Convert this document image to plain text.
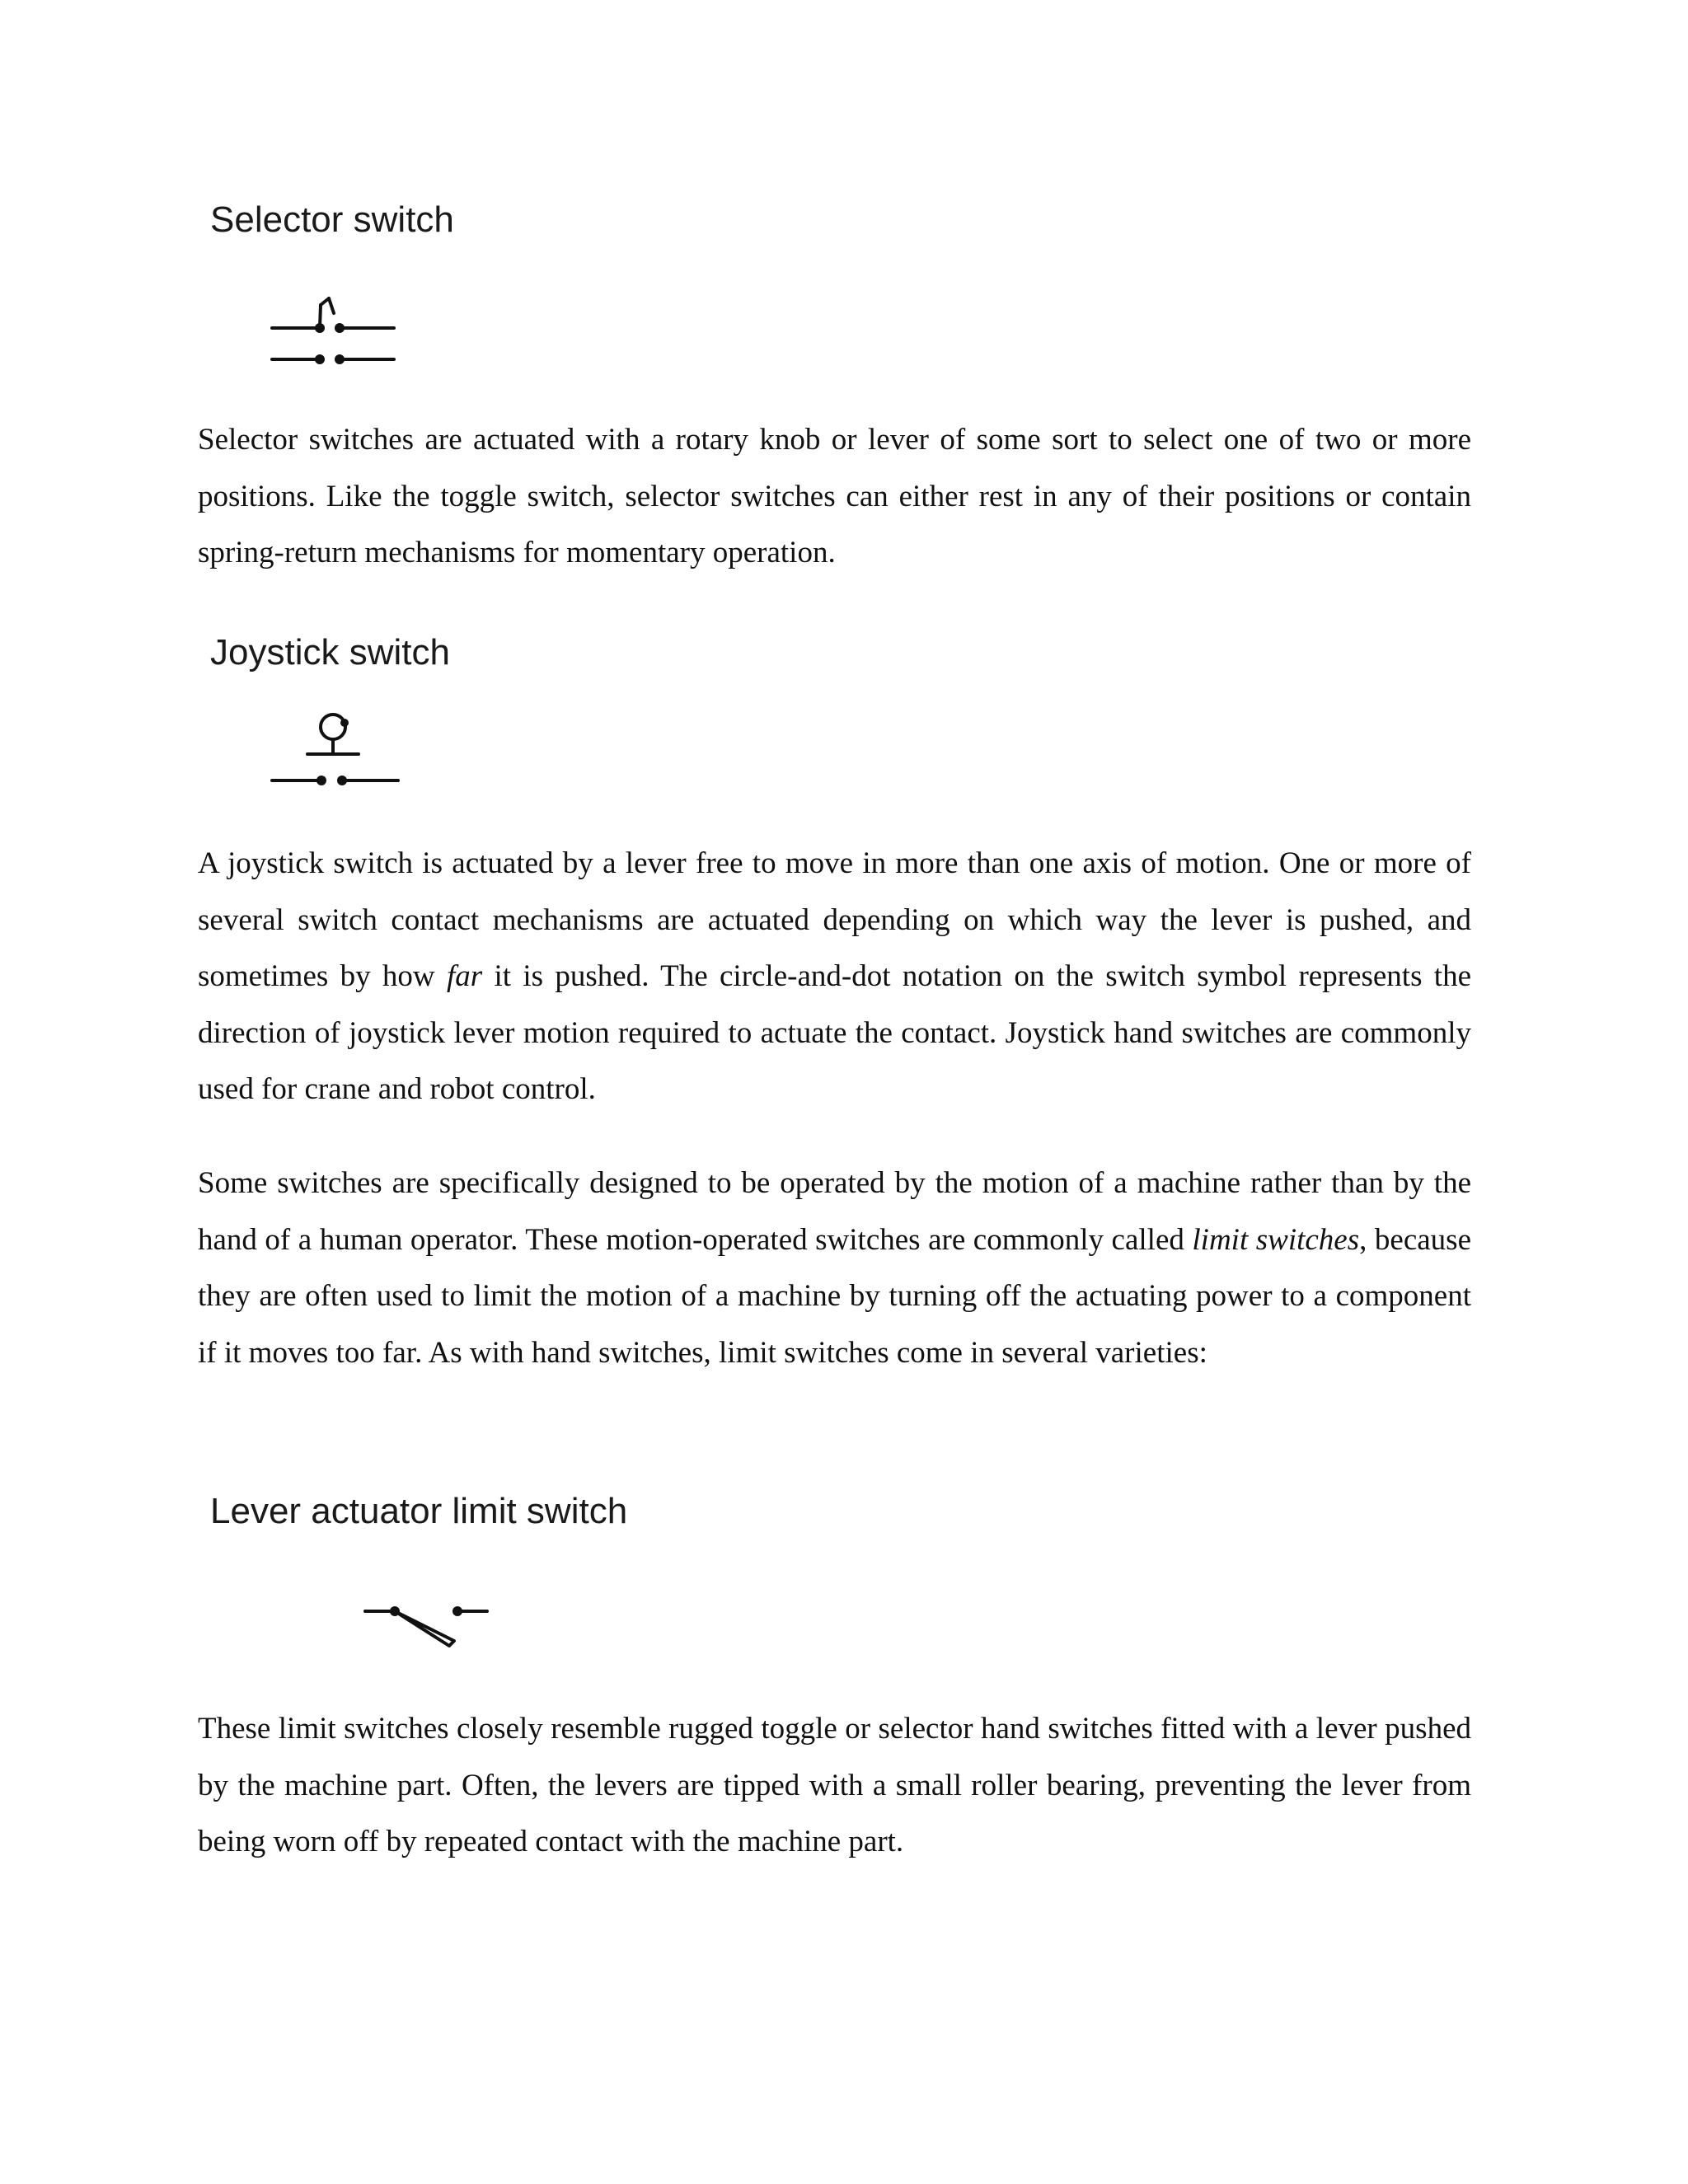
Selector switch

Selector switches are actuated with a rotary knob or lever of some sort to select one of two or more positions. Like the toggle switch, selector switches can either rest in any of their positions or contain spring-return mechanisms for momentary operation.

Joystick switch

A joystick switch is actuated by a lever free to move in more than one axis of motion. One or more of several switch contact mechanisms are actuated depending on which way the lever is pushed, and sometimes by how far it is pushed. The circle-and-dot notation on the switch symbol represents the direction of joystick lever motion required to actuate the contact. Joystick hand switches are commonly used for crane and robot control.

Some switches are specifically designed to be operated by the motion of a machine rather than by the hand of a human operator. These motion-operated switches are commonly called limit switches, because they are often used to limit the motion of a machine by turning off the actuating power to a component if it moves too far. As with hand switches, limit switches come in several varieties:

Lever actuator limit switch

These limit switches closely resemble rugged toggle or selector hand switches fitted with a lever pushed by the machine part. Often, the levers are tipped with a small roller bearing, preventing the lever from being worn off by repeated contact with the machine part.
